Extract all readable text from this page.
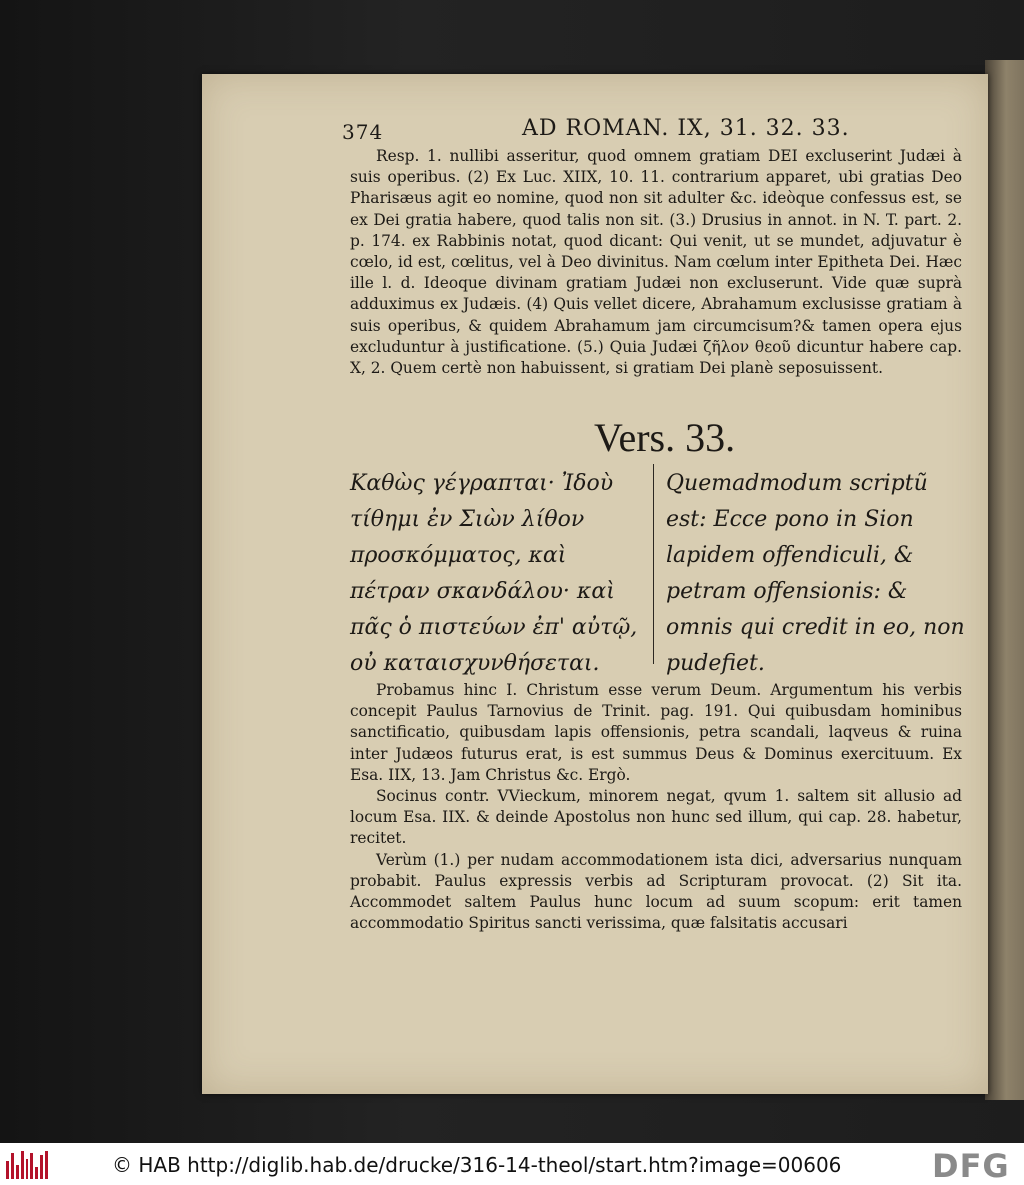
374	AD ROMAN. IX, 31. 32. 33.

Resp. 1. nullibi asseritur, quod omnem gratiam DEI excluserint Judæi à suis operibus. (2) Ex Luc. XIIX, 10. 11. contrarium apparet, ubi gratias Deo Pharisæus agit eo nomine, quod non sit adulter &c. ideòque confessus est, se ex Dei gratia habere, quod talis non sit. (3.) Drusius in annot. in N. T. part. 2. p. 174. ex Rabbinis notat, quod dicant: Qui venit, ut se mundet, adjuvatur è cœlo, id est, cœlitus, vel à Deo divinitus. Nam cœlum inter Epitheta Dei. Hæc ille l. d. Ideoque divinam gratiam Judæi non excluserunt. Vide quæ suprà adduximus ex Judæis. (4) Quis vellet dicere, Abrahamum exclusisse gratiam à suis operibus, & quidem Abrahamum jam circumcisum?& tamen opera ejus excluduntur à justificatione. (5.) Quia Judæi ζῆλον θεοῦ dicuntur habere cap. X, 2. Quem certè non habuissent, si gratiam Dei planè seposuissent.

Vers. 33.
Καθὼς γέγραπται· Ἰδοὺ τίθημι ἐν Σιὼν λίθον προσκόμματος, καὶ πέτραν σκανδάλου· καὶ πᾶς ὁ πιστεύων ἐπ' αὐτῷ, οὐ καταισχυνθήσεται.
Quemadmodum scriptũ est: Ecce pono in Sion lapidem offendiculi, & petram offensionis: & omnis qui credit in eo, non pudefiet.

Probamus hinc I. Christum esse verum Deum. Argumentum his verbis concepit Paulus Tarnovius de Trinit. pag. 191. Qui quibusdam hominibus sanctificatio, quibusdam lapis offensionis, petra scandali, laqveus & ruina inter Judæos futurus erat, is est summus Deus & Dominus exercituum. Ex Esa. IIX, 13. Jam Christus &c. Ergò.

Socinus contr. VVieckum, minorem negat, qvum 1. saltem sit allusio ad locum Esa. IIX. & deinde Apostolus non hunc sed illum, qui cap. 28. habetur, recitet.

Verùm (1.) per nudam accommodationem ista dici, adversarius nunquam probabit. Paulus expressis verbis ad Scripturam provocat. (2) Sit ita. Accommodet saltem Paulus hunc locum ad suum scopum: erit tamen accommodatio Spiritus sancti verissima, quæ falsitatis accusari

© HAB http://diglib.hab.de/drucke/316-14-theol/start.htm?image=00606	DFG
